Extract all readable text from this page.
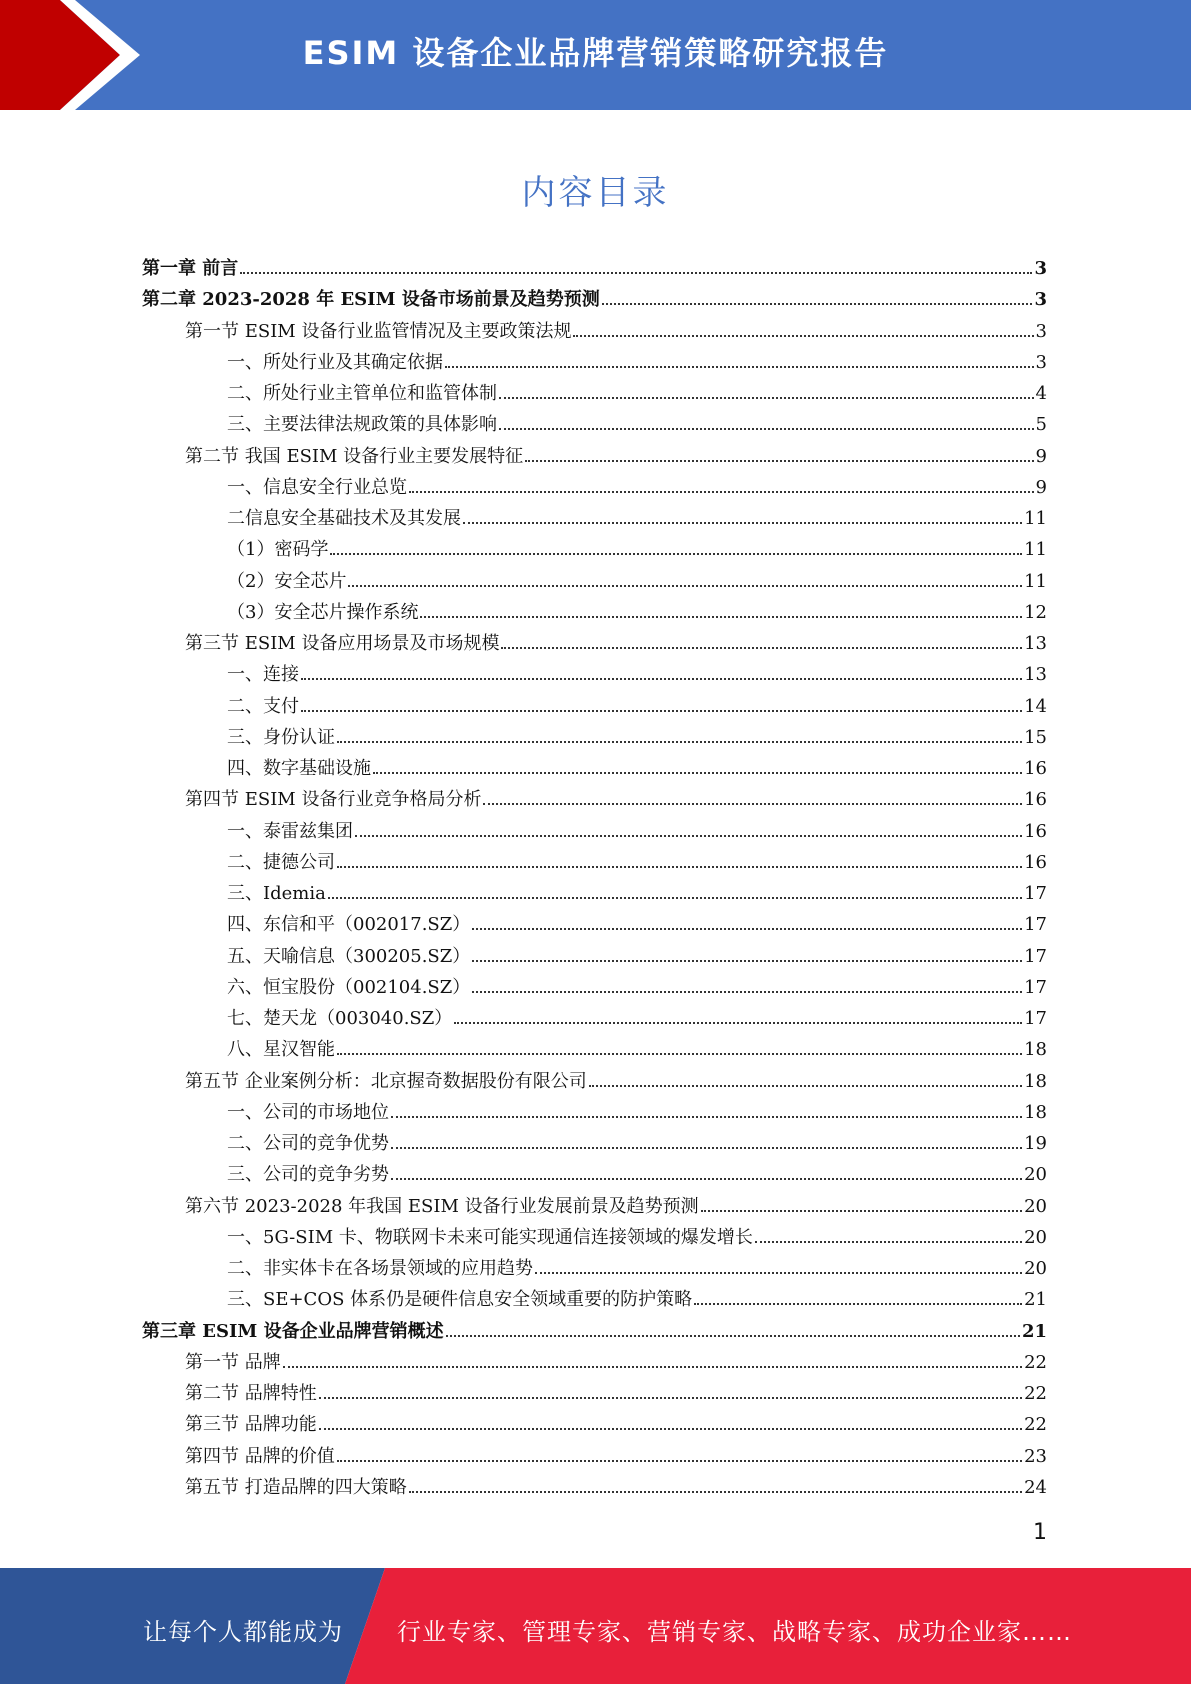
ESIM 设备企业品牌营销策略研究报告
内容目录
第一章 前言	3
第二章 2023-2028 年 ESIM 设备市场前景及趋势预测	3
第一节 ESIM 设备行业监管情况及主要政策法规	3
一、所处行业及其确定依据	3
二、所处行业主管单位和监管体制	4
三、主要法律法规政策的具体影响	5
第二节 我国 ESIM 设备行业主要发展特征	9
一、信息安全行业总览	9
二信息安全基础技术及其发展	11
（1）密码学	11
（2）安全芯片	11
（3）安全芯片操作系统	12
第三节 ESIM 设备应用场景及市场规模	13
一、连接	13
二、支付	14
三、身份认证	15
四、数字基础设施	16
第四节 ESIM 设备行业竞争格局分析	16
一、泰雷兹集团	16
二、捷德公司	16
三、Idemia	17
四、东信和平（002017.SZ）	17
五、天喻信息（300205.SZ）	17
六、恒宝股份（002104.SZ）	17
七、楚天龙（003040.SZ）	17
八、星汉智能	18
第五节 企业案例分析：北京握奇数据股份有限公司	18
一、公司的市场地位	18
二、公司的竞争优势	19
三、公司的竞争劣势	20
第六节 2023-2028 年我国 ESIM 设备行业发展前景及趋势预测	20
一、5G-SIM 卡、物联网卡未来可能实现通信连接领域的爆发增长	20
二、非实体卡在各场景领域的应用趋势	20
三、SE+COS 体系仍是硬件信息安全领域重要的防护策略	21
第三章 ESIM 设备企业品牌营销概述	21
第一节 品牌	22
第二节 品牌特性	22
第三节 品牌功能	22
第四节 品牌的价值	23
第五节 打造品牌的四大策略	24
1
让每个人都能成为 行业专家、管理专家、营销专家、战略专家、成功企业家……
